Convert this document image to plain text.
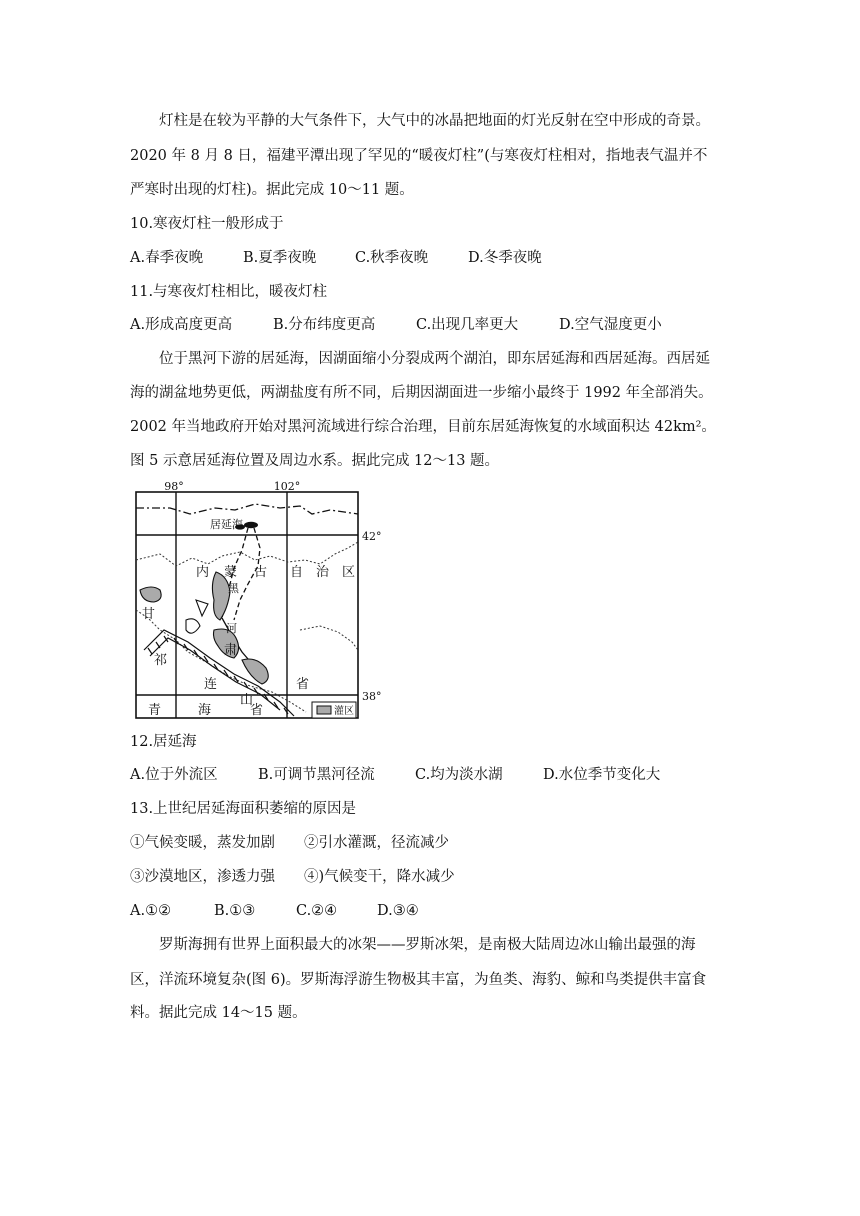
灯柱是在较为平静的大气条件下，大气中的冰晶把地面的灯光反射在空中形成的奇景。
2020 年 8 月 8 日，福建平潭出现了罕见的“暖夜灯柱”(与寒夜灯柱相对，指地表气温并不
严寒时出现的灯柱)。据此完成 10～11 题。
10.寒夜灯柱一般形成于
A.春季夜晚	B.夏季夜晚	C.秋季夜晚	D.冬季夜晚
11.与寒夜灯柱相比，暖夜灯柱
A.形成高度更高	B.分布纬度更高	C.出现几率更大	D.空气湿度更小
位于黑河下游的居延海，因湖面缩小分裂成两个湖泊，即东居延海和西居延海。西居延
海的湖盆地势更低，两湖盐度有所不同，后期因湖面进一步缩小最终于 1992 年全部消失。
2002 年当地政府开始对黑河流域进行综合治理，目前东居延海恢复的水域面积达 42km²。
图 5 示意居延海位置及周边水系。据此完成 12～13 题。
98°	102°
42°
38°
居延海
内 蒙 古 自 治 区
黑
河
甘
肃
省
祁
连
山
青	海	省	灌区
12.居延海
A.位于外流区	B.可调节黑河径流	C.均为淡水湖	D.水位季节变化大
13.上世纪居延海面积萎缩的原因是
①气候变暖，蒸发加剧 ②引水灌溉，径流减少
③沙漠地区，渗透力强 ④)气候变干，降水减少
A.①②	B.①③	C.②④	D.③④
罗斯海拥有世界上面积最大的冰架——罗斯冰架，是南极大陆周边冰山输出最强的海
区，洋流环境复杂(图 6)。罗斯海浮游生物极其丰富，为鱼类、海豹、鲸和鸟类提供丰富食
料。据此完成 14～15 题。
